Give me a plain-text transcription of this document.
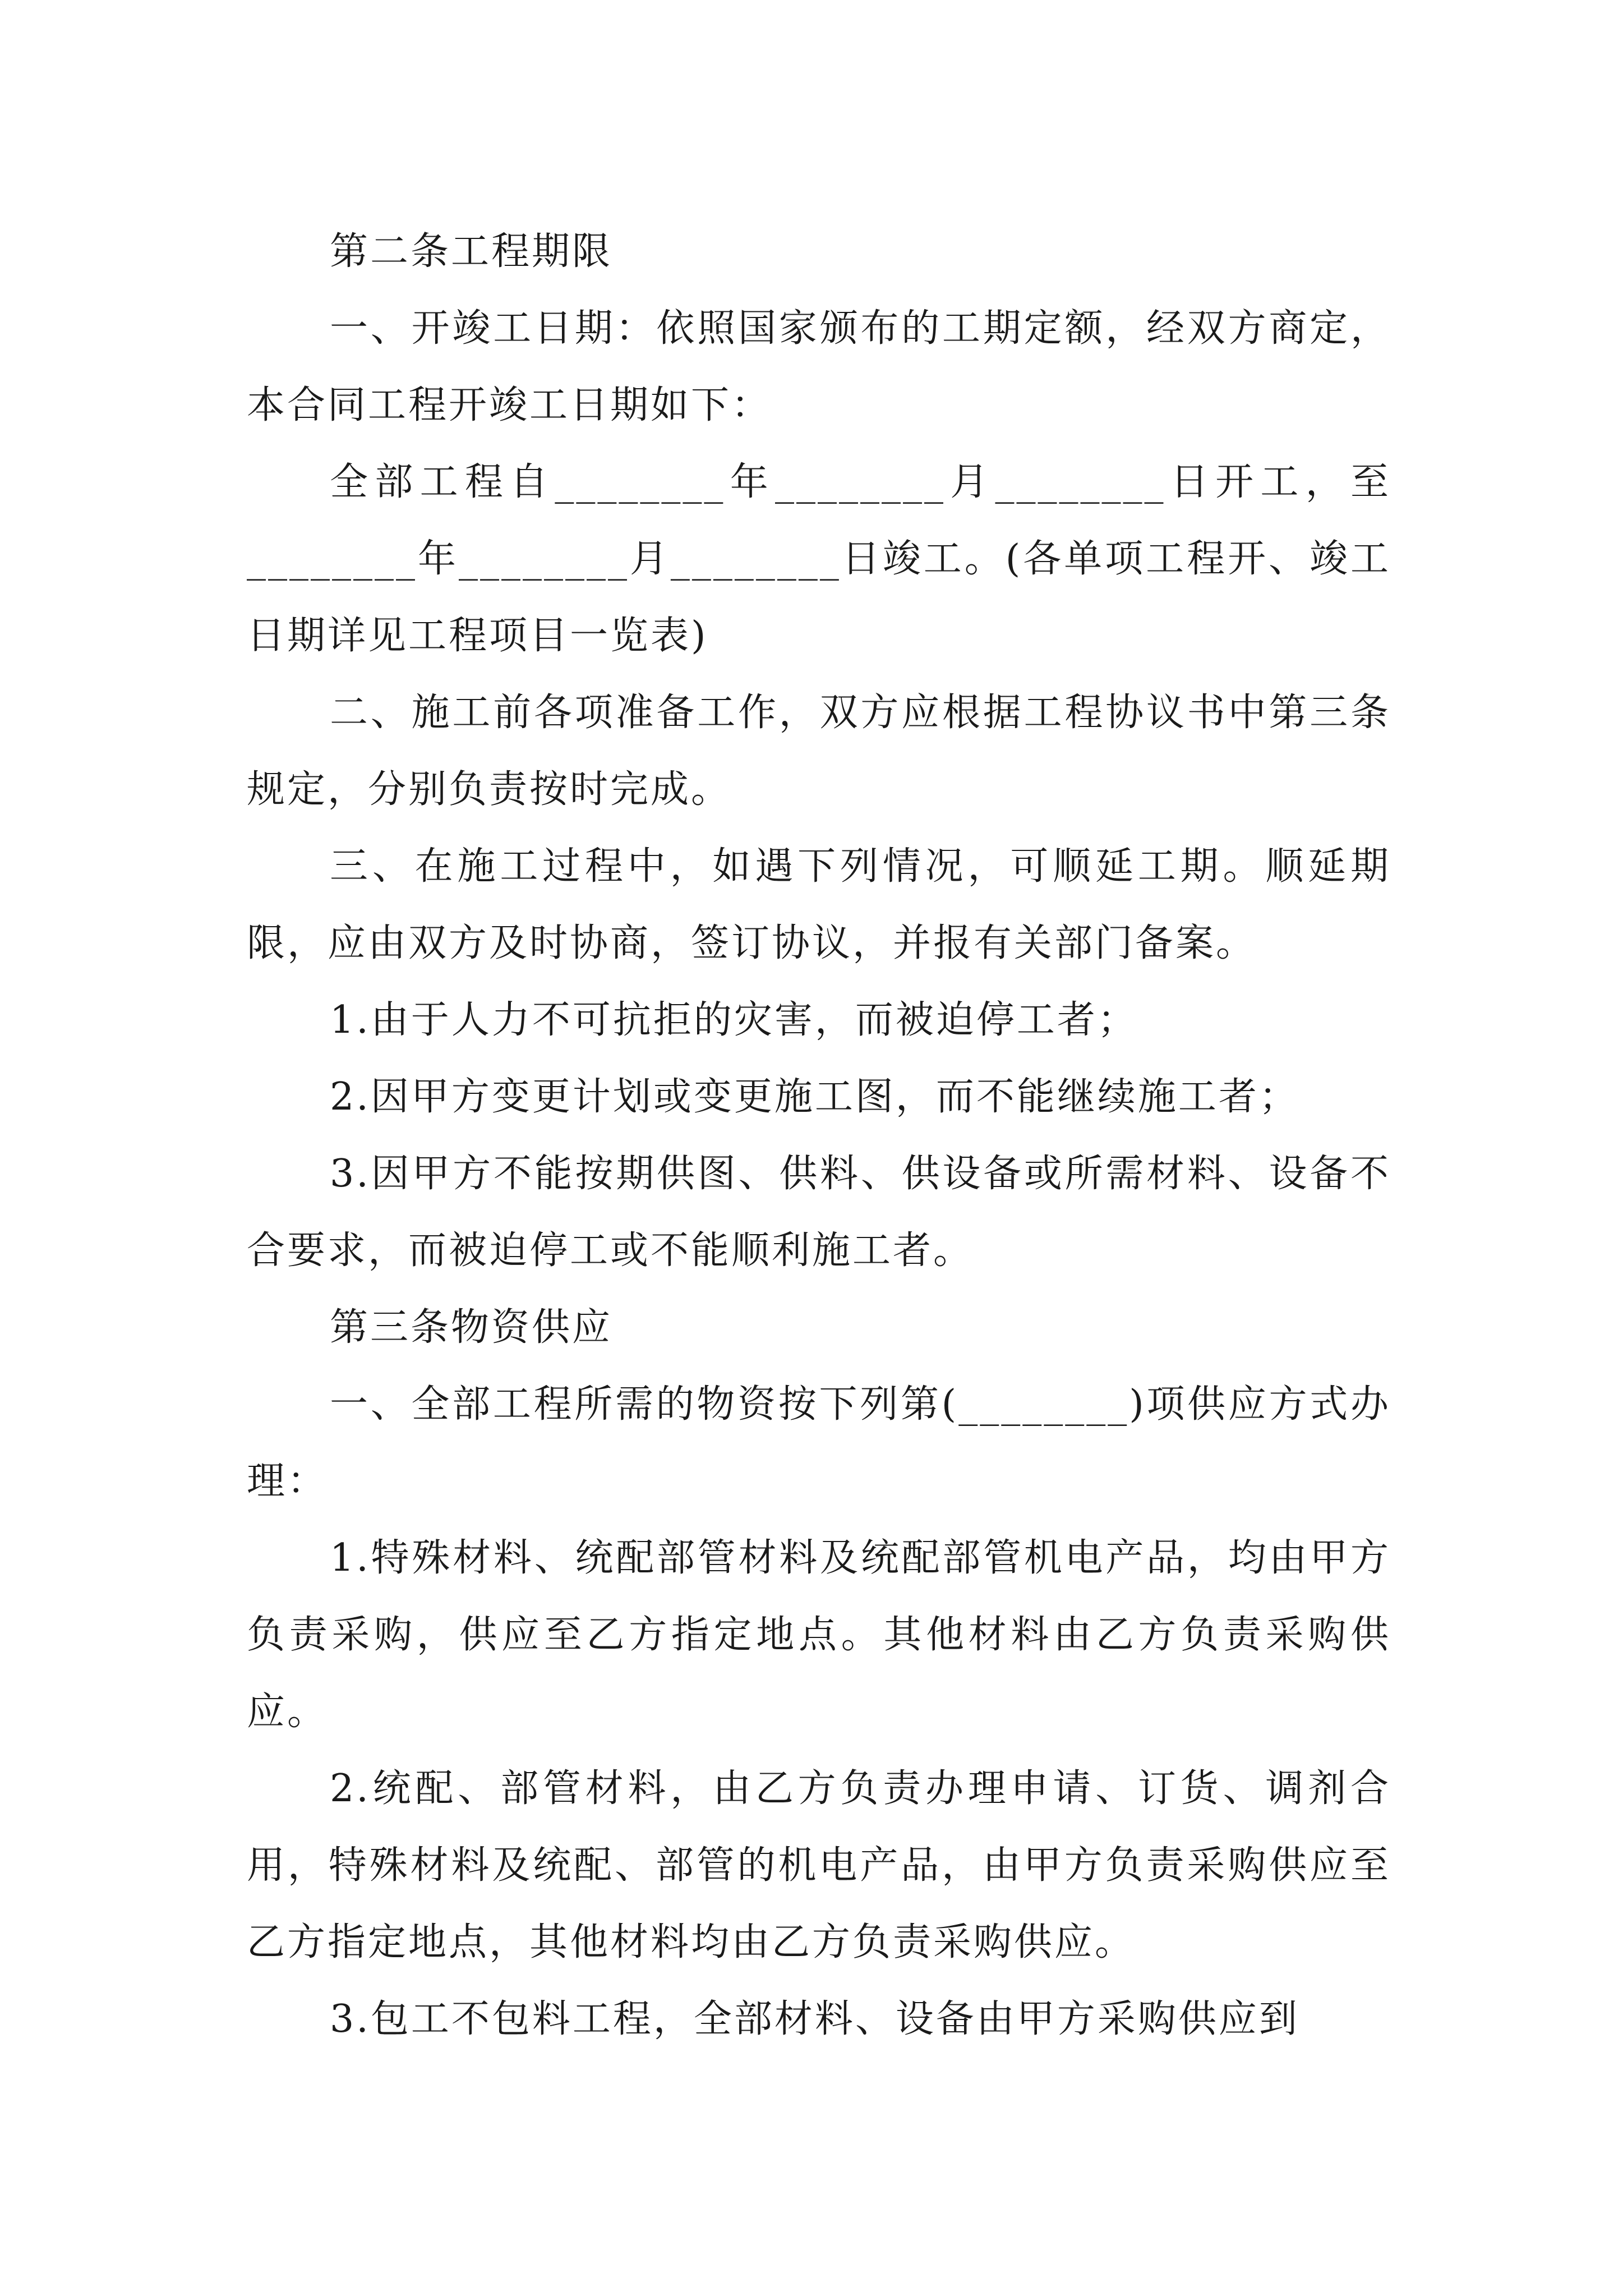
第二条工程期限

一、开竣工日期：依照国家颁布的工期定额，经双方商定，本合同工程开竣工日期如下：

全部工程自________年________月________日开工，至________年________月________日竣工。(各单项工程开、竣工日期详见工程项目一览表)

二、施工前各项准备工作，双方应根据工程协议书中第三条规定，分别负责按时完成。

三、在施工过程中，如遇下列情况，可顺延工期。顺延期限，应由双方及时协商，签订协议，并报有关部门备案。

1.由于人力不可抗拒的灾害，而被迫停工者；

2.因甲方变更计划或变更施工图，而不能继续施工者；

3.因甲方不能按期供图、供料、供设备或所需材料、设备不合要求，而被迫停工或不能顺利施工者。

第三条物资供应

一、全部工程所需的物资按下列第(________)项供应方式办理：

1.特殊材料、统配部管材料及统配部管机电产品，均由甲方负责采购，供应至乙方指定地点。其他材料由乙方负责采购供应。

2.统配、部管材料，由乙方负责办理申请、订货、调剂合用，特殊材料及统配、部管的机电产品，由甲方负责采购供应至乙方指定地点，其他材料均由乙方负责采购供应。

3.包工不包料工程，全部材料、设备由甲方采购供应到
